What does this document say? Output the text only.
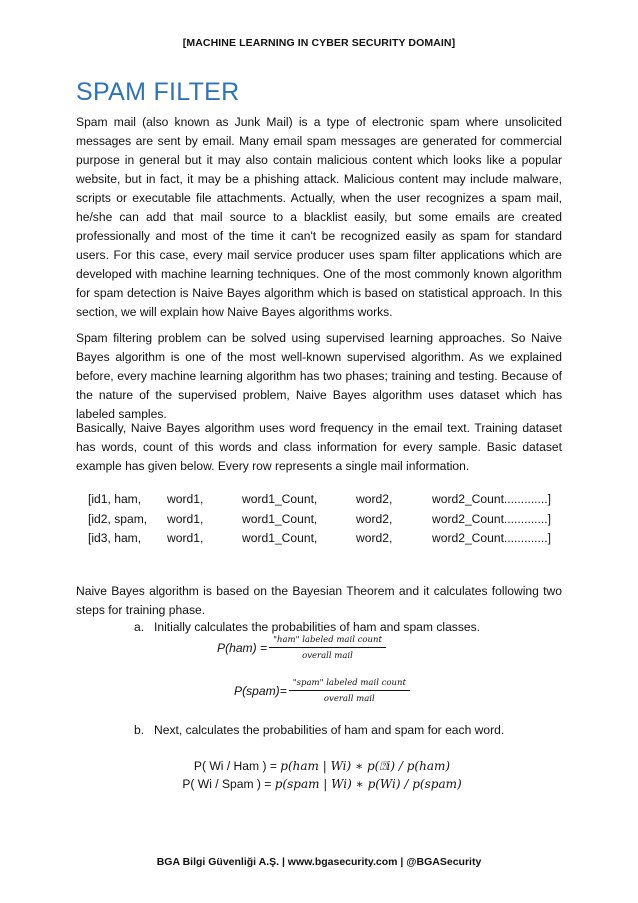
[MACHINE LEARNING IN CYBER SECURITY DOMAIN]
SPAM FILTER
Spam mail (also known as Junk Mail) is a type of electronic spam where unsolicited messages are sent by email. Many email spam messages are generated for commercial purpose in general but it may also contain malicious content which looks like a popular website, but in fact, it may be a phishing attack. Malicious content may include malware, scripts or executable file attachments. Actually, when the user recognizes a spam mail, he/she can add that mail source to a blacklist easily, but some emails are created professionally and most of the time it can't be recognized easily as spam for standard users. For this case, every mail service producer uses spam filter applications which are developed with machine learning techniques. One of the most commonly known algorithm for spam detection is Naive Bayes algorithm which is based on statistical approach. In this section, we will explain how Naive Bayes algorithms works.
Spam filtering problem can be solved using supervised learning approaches. So Naive Bayes algorithm is one of the most well-known supervised algorithm. As we explained before, every machine learning algorithm has two phases; training and testing. Because of the nature of the supervised problem, Naive Bayes algorithm uses dataset which has labeled samples.
Basically, Naive Bayes algorithm uses word frequency in the email text. Training dataset has words, count of this words and class information for every sample. Basic dataset example has given below. Every row represents a single mail information.
[id1, ham, word1,	word1_Count,	word2,	word2_Count.............]
[id2, spam, word1,	word1_Count,	word2,	word2_Count.............]
[id3, ham, word1,	word1_Count,	word2,	word2_Count.............]
Naive Bayes algorithm is based on the Bayesian Theorem and it calculates following two steps for training phase.
a. Initially calculates the probabilities of ham and spam classes.
$P(ham) = \frac{\text{"ham" labeled mail count}}{\text{overall mail}}$
P(spam)= $\frac{\text{"spam" labeled mail count}}{\text{overall mail}}$
b. Next, calculates the probabilities of ham and spam for each word.
P( Wi / Ham ) = p(ham | Wi) ∗ p(⍰i) / p(ham)
P( Wi / Spam ) = p(spam | Wi) ∗ p(Wi) / p(spam)
BGA Bilgi Güvenliği A.Ş. | www.bgasecurity.com | @BGASecurity
